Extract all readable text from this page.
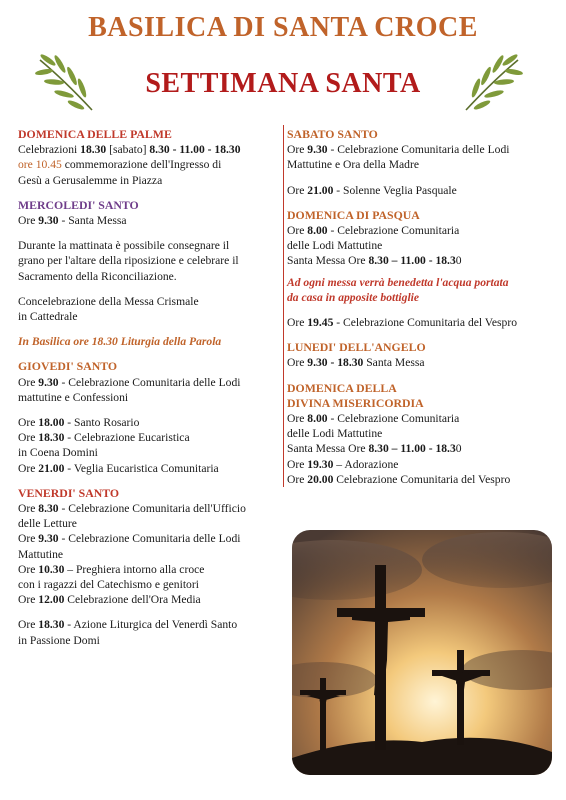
BASILICA DI SANTA CROCE
SETTIMANA SANTA
DOMENICA DELLE PALME
Celebrazioni 18.30 [sabato] 8.30 - 11.00 - 18.30
ore 10.45 commemorazione dell'Ingresso di
Gesù a Gerusalemme in Piazza
MERCOLEDI' SANTO
Ore 9.30 - Santa Messa
Durante la mattinata è possibile consegnare il
grano per l'altare della riposizione e celebrare il
Sacramento della Riconciliazione.
Concelebrazione della Messa Crismale
in Cattedrale
In Basilica ore 18.30 Liturgia della Parola
GIOVEDI' SANTO
Ore 9.30 - Celebrazione Comunitaria delle Lodi
mattutine e Confessioni
Ore 18.00 - Santo Rosario
Ore 18.30 - Celebrazione Eucaristica
in Coena Domini
Ore 21.00 - Veglia Eucaristica Comunitaria
VENERDI' SANTO
Ore 8.30 - Celebrazione Comunitaria dell'Ufficio
delle Letture
Ore 9.30 - Celebrazione Comunitaria delle Lodi
Mattutine
Ore 10.30 – Preghiera intorno alla croce
con i ragazzi del Catechismo e genitori
Ore 12.00 Celebrazione dell'Ora Media
Ore 18.30 - Azione Liturgica del Venerdì Santo
in Passione Domi
SABATO SANTO
Ore 9.30 - Celebrazione Comunitaria delle Lodi
Mattutine e Ora della Madre
Ore 21.00 - Solenne Veglia Pasquale
DOMENICA DI PASQUA
Ore 8.00 - Celebrazione Comunitaria
delle Lodi Mattutine
Santa Messa Ore 8.30 – 11.00 - 18.30
Ad ogni messa verrà benedetta l'acqua portata
da casa in apposite bottiglie
Ore 19.45 - Celebrazione Comunitaria del Vespro
LUNEDI' DELL'ANGELO
Ore 9.30 - 18.30 Santa Messa
DOMENICA DELLA
DIVINA MISERICORDIA
Ore 8.00 - Celebrazione Comunitaria
delle Lodi Mattutine
Santa Messa Ore 8.30 – 11.00 - 18.30
Ore 19.30 – Adorazione
Ore 20.00 Celebrazione Comunitaria del Vespro
